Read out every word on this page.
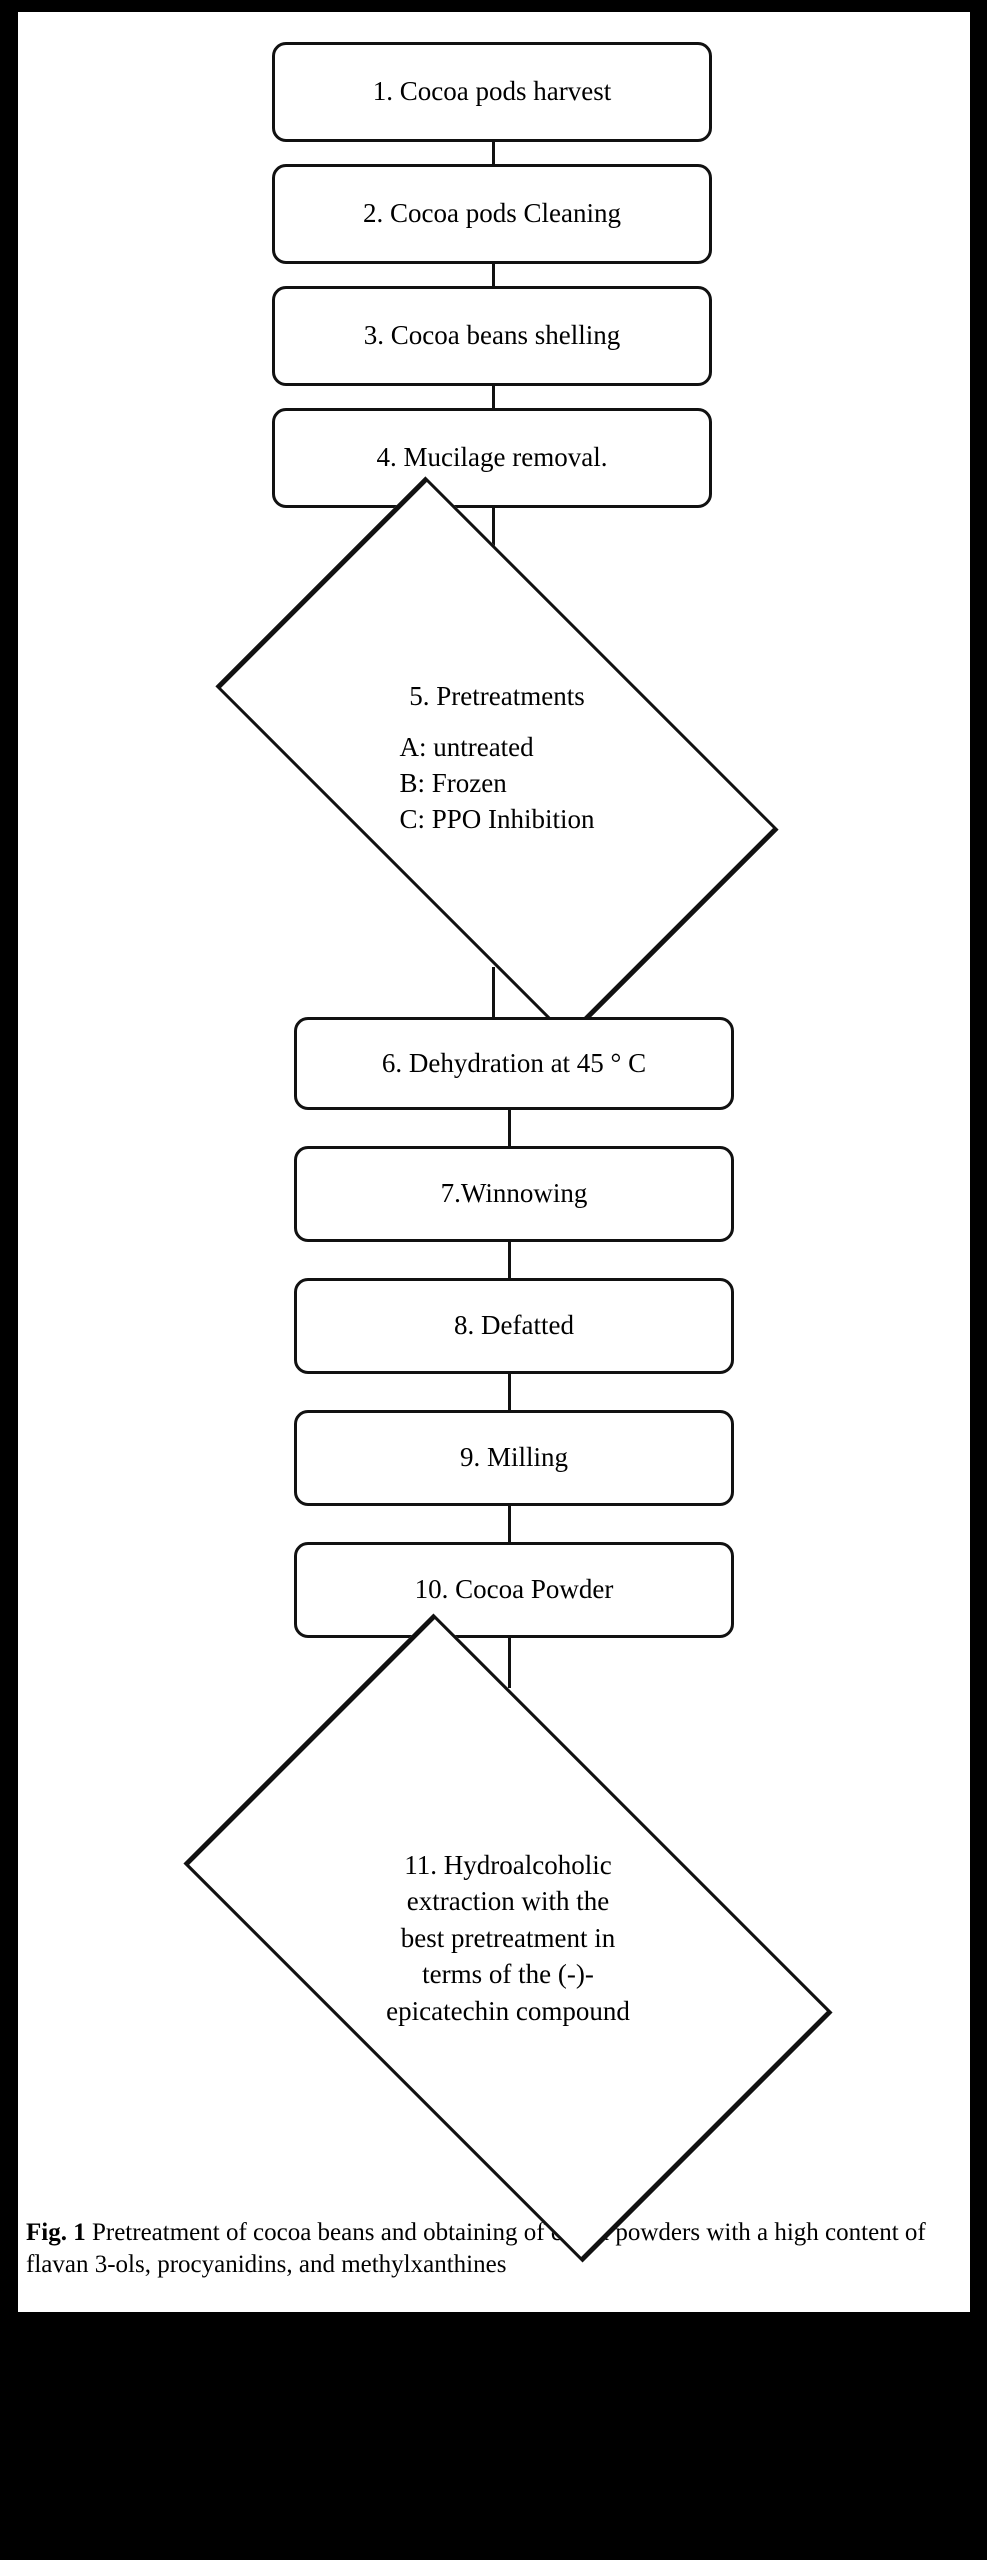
1. Cocoa pods harvest
2. Cocoa pods Cleaning
3. Cocoa beans shelling
4. Mucilage removal.
5. Pretreatments
A: untreated
B: Frozen
C: PPO Inhibition
6. Dehydration at 45 ° C
7.Winnowing
8. Defatted
9. Milling
10. Cocoa Powder
11. Hydroalcoholic
extraction with the
best pretreatment in
terms of the (-)-
epicatechin compound
Fig. 1 Pretreatment of cocoa beans and obtaining of cocoa powders with a high content of flavan 3-ols, procyanidins, and methylxanthines
